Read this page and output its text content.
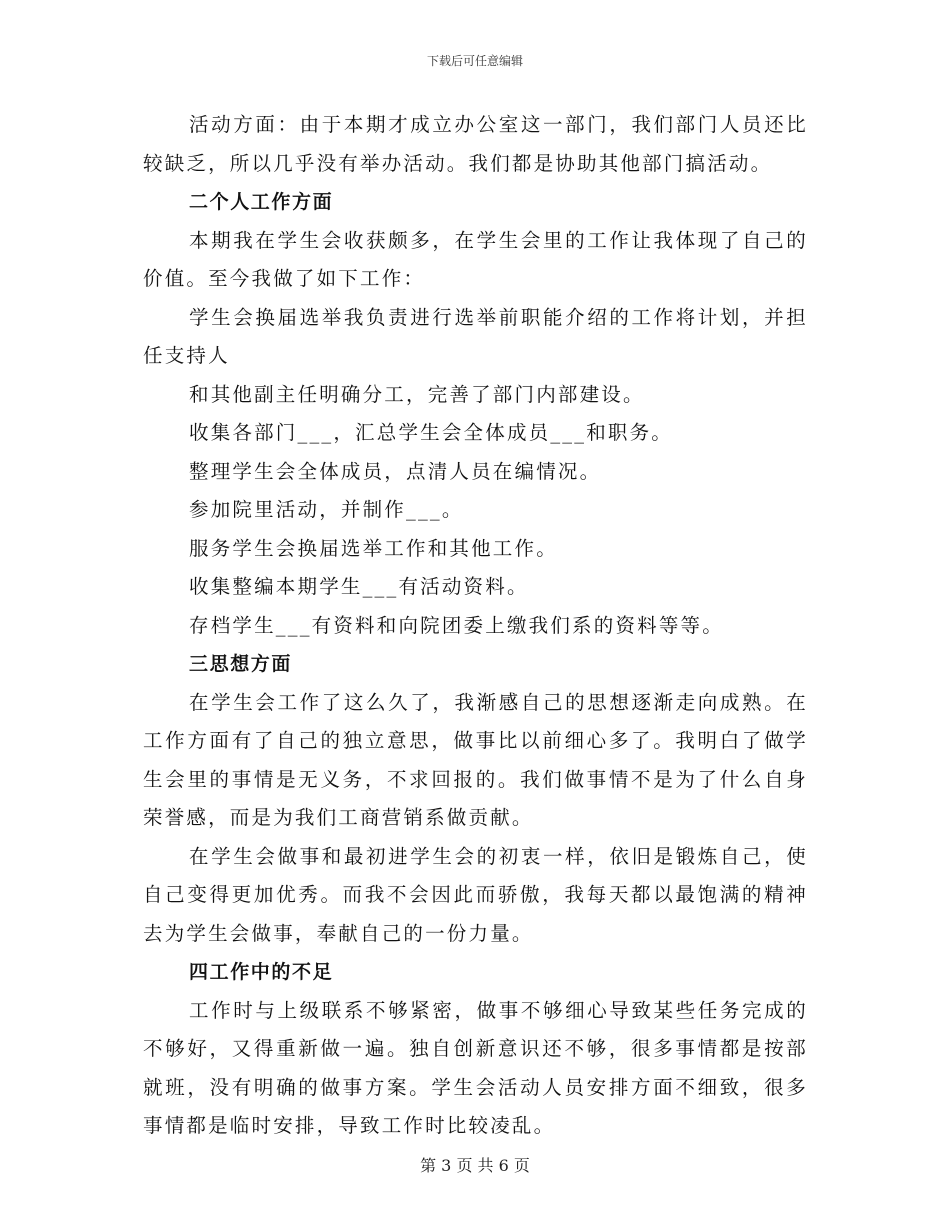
下载后可任意编辑

活动方面：由于本期才成立办公室这一部门，我们部门人员还比较缺乏，所以几乎没有举办活动。我们都是协助其他部门搞活动。

二个人工作方面

本期我在学生会收获颇多，在学生会里的工作让我体现了自己的价值。至今我做了如下工作：

学生会换届选举我负责进行选举前职能介绍的工作将计划，并担任支持人

和其他副主任明确分工，完善了部门内部建设。

收集各部门___，汇总学生会全体成员___和职务。

整理学生会全体成员，点清人员在编情况。

参加院里活动，并制作___。

服务学生会换届选举工作和其他工作。

收集整编本期学生___有活动资料。

存档学生___有资料和向院团委上缴我们系的资料等等。

三思想方面

在学生会工作了这么久了，我渐感自己的思想逐渐走向成熟。在工作方面有了自己的独立意思，做事比以前细心多了。我明白了做学生会里的事情是无义务，不求回报的。我们做事情不是为了什么自身荣誉感，而是为我们工商营销系做贡献。

在学生会做事和最初进学生会的初衷一样，依旧是锻炼自己，使自己变得更加优秀。而我不会因此而骄傲，我每天都以最饱满的精神去为学生会做事，奉献自己的一份力量。

四工作中的不足

工作时与上级联系不够紧密，做事不够细心导致某些任务完成的不够好，又得重新做一遍。独自创新意识还不够，很多事情都是按部就班，没有明确的做事方案。学生会活动人员安排方面不细致，很多事情都是临时安排，导致工作时比较凌乱。

第 3 页 共 6 页
